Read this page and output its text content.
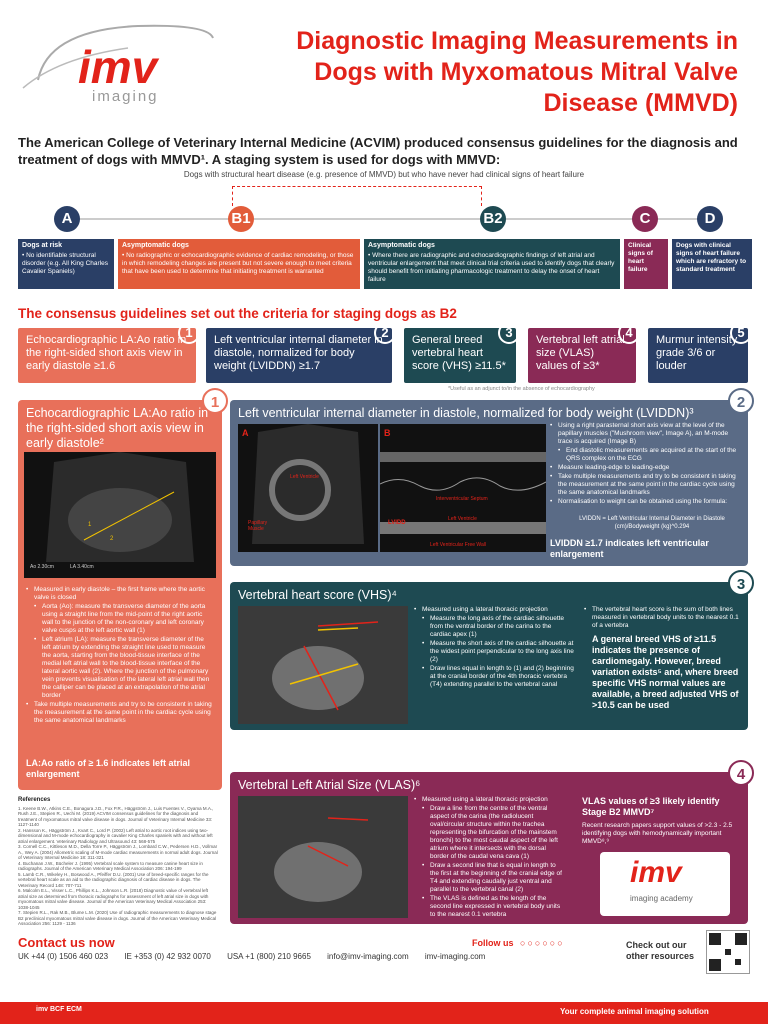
imv
imaging
Diagnostic Imaging Measurements in Dogs with Myxomatous Mitral Valve Disease (MMVD)
The American College of Veterinary Internal Medicine (ACVIM) produced consensus guidelines for the diagnosis and treatment of dogs with MMVD¹. A staging system is used for dogs with MMVD:
Dogs with structural heart disease (e.g. presence of MMVD) but who have never had clinical signs of heart failure
A	B1	B2	C	D
Dogs at risk
• No identifiable structural disorder (e.g. All King Charles Cavalier Spaniels)
Asymptomatic dogs
• No radiographic or echocardiographic evidence of cardiac remodeling, or those in which remodeling changes are present but not severe enough to meet criteria that have been used to determine that initiating treatment is warranted
Asymptomatic dogs
• Where there are radiographic and echocardiographic findings of left atrial and ventricular enlargement that meet clinical trial criteria used to identify dogs that clearly should benefit from initiating pharmacologic treatment to delay the onset of heart failure
Clinical signs of heart failure
Dogs with clinical signs of heart failure which are refractory to standard treatment
The consensus guidelines set out the criteria for staging dogs as B2
Echocardiographic LA:Ao ratio in the right-sided short axis view in early diastole ≥1.6
1	Left ventricular internal diameter in diastole, normalized for body weight (LVIDDN) ≥1.7
2	General breed vertebral heart score (VHS) ≥11.5*
3	Vertebral left atrial size (VLAS) values of ≥3*
4	Murmur intensity grade 3/6 or louder
5
*Useful as an adjunct to/in the absence of echocardiography
1
Echocardiographic LA:Ao ratio in the right-sided short axis view in early diastole²
Ao 2.30cm	LA 3.40cm
1
2
• Measured in early diastole – the first frame where the aortic valve is closed
• Aorta (Ao): measure the transverse diameter of the aorta using a straight line from the mid-point of the right aortic wall to the junction of the non-coronary and left coronary valve cusps at the left aortic wall (1)
• Left atrium (LA): measure the transverse diameter of the left atrium by extending the straight line used to measure the aorta, starting from the blood-tissue interface of the medial left atrial wall to the blood-tissue interface of the lateral aortic wall (2). Where the junction of the pulmonary vein prevents visualisation of the lateral left atrial wall then the calliper can be placed at an extrapolation of the atrial border
• Take multiple measurements and try to be consistent in taking the measurement at the same point in the cardiac cycle using the same anatomical landmarks
LA:Ao ratio of ≥ 1.6 indicates left atrial enlargement
2
Left ventricular internal diameter in diastole, normalized for body weight (LVIDDN)³
A
Left Ventricle
Papillary Muscle
B
Interventricular Septum
Left Ventricle
Left Ventricular Free Wall
LVIDD
• Using a right parasternal short axis view at the level of the papillary muscles ("Mushroom view", Image A), an M-mode trace is acquired (Image B)
• End diastolic measurements are acquired at the start of the QRS complex on the ECG
• Measure leading-edge to leading-edge
• Take multiple measurements and try to be consistent in taking the measurement at the same point in the cardiac cycle using the same anatomical landmarks
• Normalisation to weight can be obtained using the formula:
LVIDDN = Left Ventricular Internal Diameter in Diastole (cm)/Bodyweight (kg)^0.294
LVIDDN ≥1.7 indicates left ventricular enlargement
3
Vertebral heart score (VHS)⁴
• Measured using a lateral thoracic projection
• Measure the long axis of the cardiac silhouette from the ventral border of the carina to the cardiac apex (1)
• Measure the short axis of the cardiac silhouette at the widest point perpendicular to the long axis line (2)
• Draw lines equal in length to (1) and (2) beginning at the cranial border of the 4th thoracic vertebra (T4) extending parallel to the vertebral canal
• The vertebral heart score is the sum of both lines measured in vertebral body units to the nearest 0.1 of a vertebra
A general breed VHS of ≥11.5 indicates the presence of cardiomegaly. However, breed variation exists⁵ and, where breed specific VHS normal values are available, a breed adjusted VHS of >10.5 can be used
4
Vertebral Left Atrial Size (VLAS)⁶
• Measured using a lateral thoracic projection
• Draw a line from the centre of the ventral aspect of the carina (the radiolucent oval/circular structure within the trachea representing the bifurcation of the mainstem bronchi) to the most caudal aspect of the left atrium where it intersects with the dorsal border of the caudal vena cava (1)
• Draw a second line that is equal in length to the first at the beginning of the cranial edge of T4 and extending caudally just ventral and parallel to the vertebral canal (2)
• The VLAS is defined as the length of the second line expressed in vertebral body units to the nearest 0.1 vertebra
VLAS values of ≥3 likely identify Stage B2 MMVD⁷
Recent research papers support values of >2.3 - 2.5 identifying dogs with hemodynamically important MMVD⁸,⁹
imv
imaging academy
References
1. Keene B.W., Atkins C.E., Bonagura J.D., Fox P.R., Häggström J., Luis Fuentes V., Oyama M.A., Rush J.E., Stepien R., Uechi M. (2019) ACVIM consensus guidelines for the diagnosis and treatment of myxomatous mitral valve disease in dogs. Journal of Veterinary Internal Medicine 33: 1127-1140
2. Hansson K., Häggström J., Kvart C., Lord P. (2002) Left atrial to aortic root indices using two-dimensional and M-mode echocardiography in cavalier King Charles spaniels with and without left atrial enlargement. Veterinary Radiology and Ultrasound 43: 568-575
3. Cornell C.C., Kittleson M.D., Della Torre P., Häggström J., Lombard C.W., Pedersen H.D., Vollmar A., Wey A. (2004) Allometric scaling of M-mode cardiac measurements in normal adult dogs. Journal of Veterinary Internal Medicine 18: 311-321
4. Buchanan J.W., Bücheler J. (1995) Vertebral scale system to measure canine heart size in radiographs. Journal of the American Veterinary Medical Association 206: 194-199
5. Lamb C.R., Wikeley H., Boswood A., Pfeiffer D.U. (2001) Use of breed-specific ranges for the vertebral heart scale as an aid to the radiographic diagnosis of cardiac disease in dogs. The Veterinary Record 148: 707-711
6. Malcolm E.L., Visser L.C., Phillips K.L., Johnson L.R. (2018) Diagnostic value of vertebral left atrial size as determined from thoracic radiographs for assessment of left atrial size in dogs with myxomatous mitral valve disease. Journal of the American Veterinary Medical Association 253: 1038-1045
7. Stepien R.L., Rak M.B., Blume L.M. (2020) Use of radiographic measurements to diagnose stage B2 preclinical myxomatous mitral valve disease in dogs. Journal of the American Veterinary Medical Association 256: 1129 - 1136
Contact us now	Follow us ○○○○○○
UK +44 (0) 1506 460 023 IE +353 (0) 42 932 0070 USA +1 (800) 210 9665 info@imv-imaging.com imv-imaging.com
Check out our other resources
imv BCF ECM	Your complete animal imaging solution
